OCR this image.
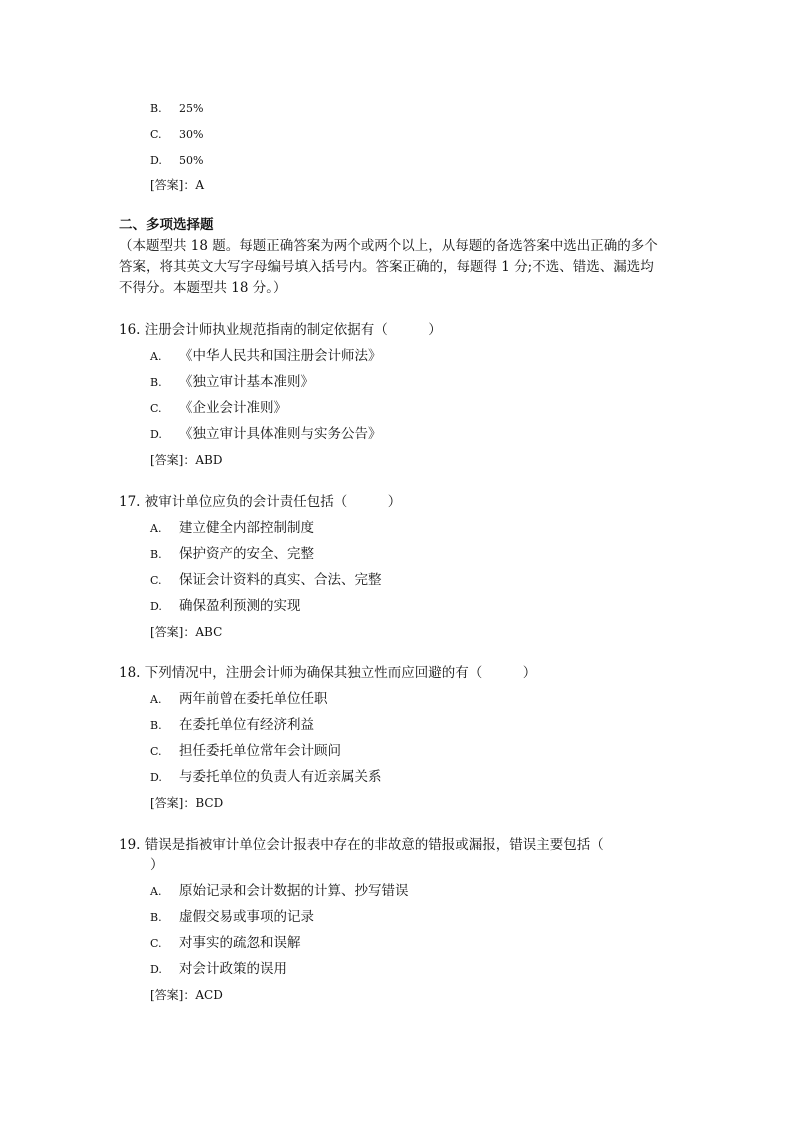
B. 25%
C. 30%
D. 50%
[答案]：A
二、多项选择题
（本题型共 18 题。每题正确答案为两个或两个以上，从每题的备选答案中选出正确的多个
答案，将其英文大写字母编号填入括号内。答案正确的，每题得 1 分;不选、错选、漏选均
不得分。本题型共 18 分。）
16. 注册会计师执业规范指南的制定依据有（　　　）
A. 《中华人民共和国注册会计师法》
B. 《独立审计基本准则》
C. 《企业会计准则》
D. 《独立审计具体准则与实务公告》
[答案]：ABD
17. 被审计单位应负的会计责任包括（　　　）
A. 建立健全内部控制制度
B. 保护资产的安全、完整
C. 保证会计资料的真实、合法、完整
D. 确保盈利预测的实现
[答案]：ABC
18. 下列情况中，注册会计师为确保其独立性而应回避的有（　　　）
A. 两年前曾在委托单位任职
B. 在委托单位有经济利益
C. 担任委托单位常年会计顾问
D. 与委托单位的负责人有近亲属关系
[答案]：BCD
19. 错误是指被审计单位会计报表中存在的非故意的错报或漏报，错误主要包括（
）
A. 原始记录和会计数据的计算、抄写错误
B. 虚假交易或事项的记录
C. 对事实的疏忽和误解
D. 对会计政策的误用
[答案]：ACD
